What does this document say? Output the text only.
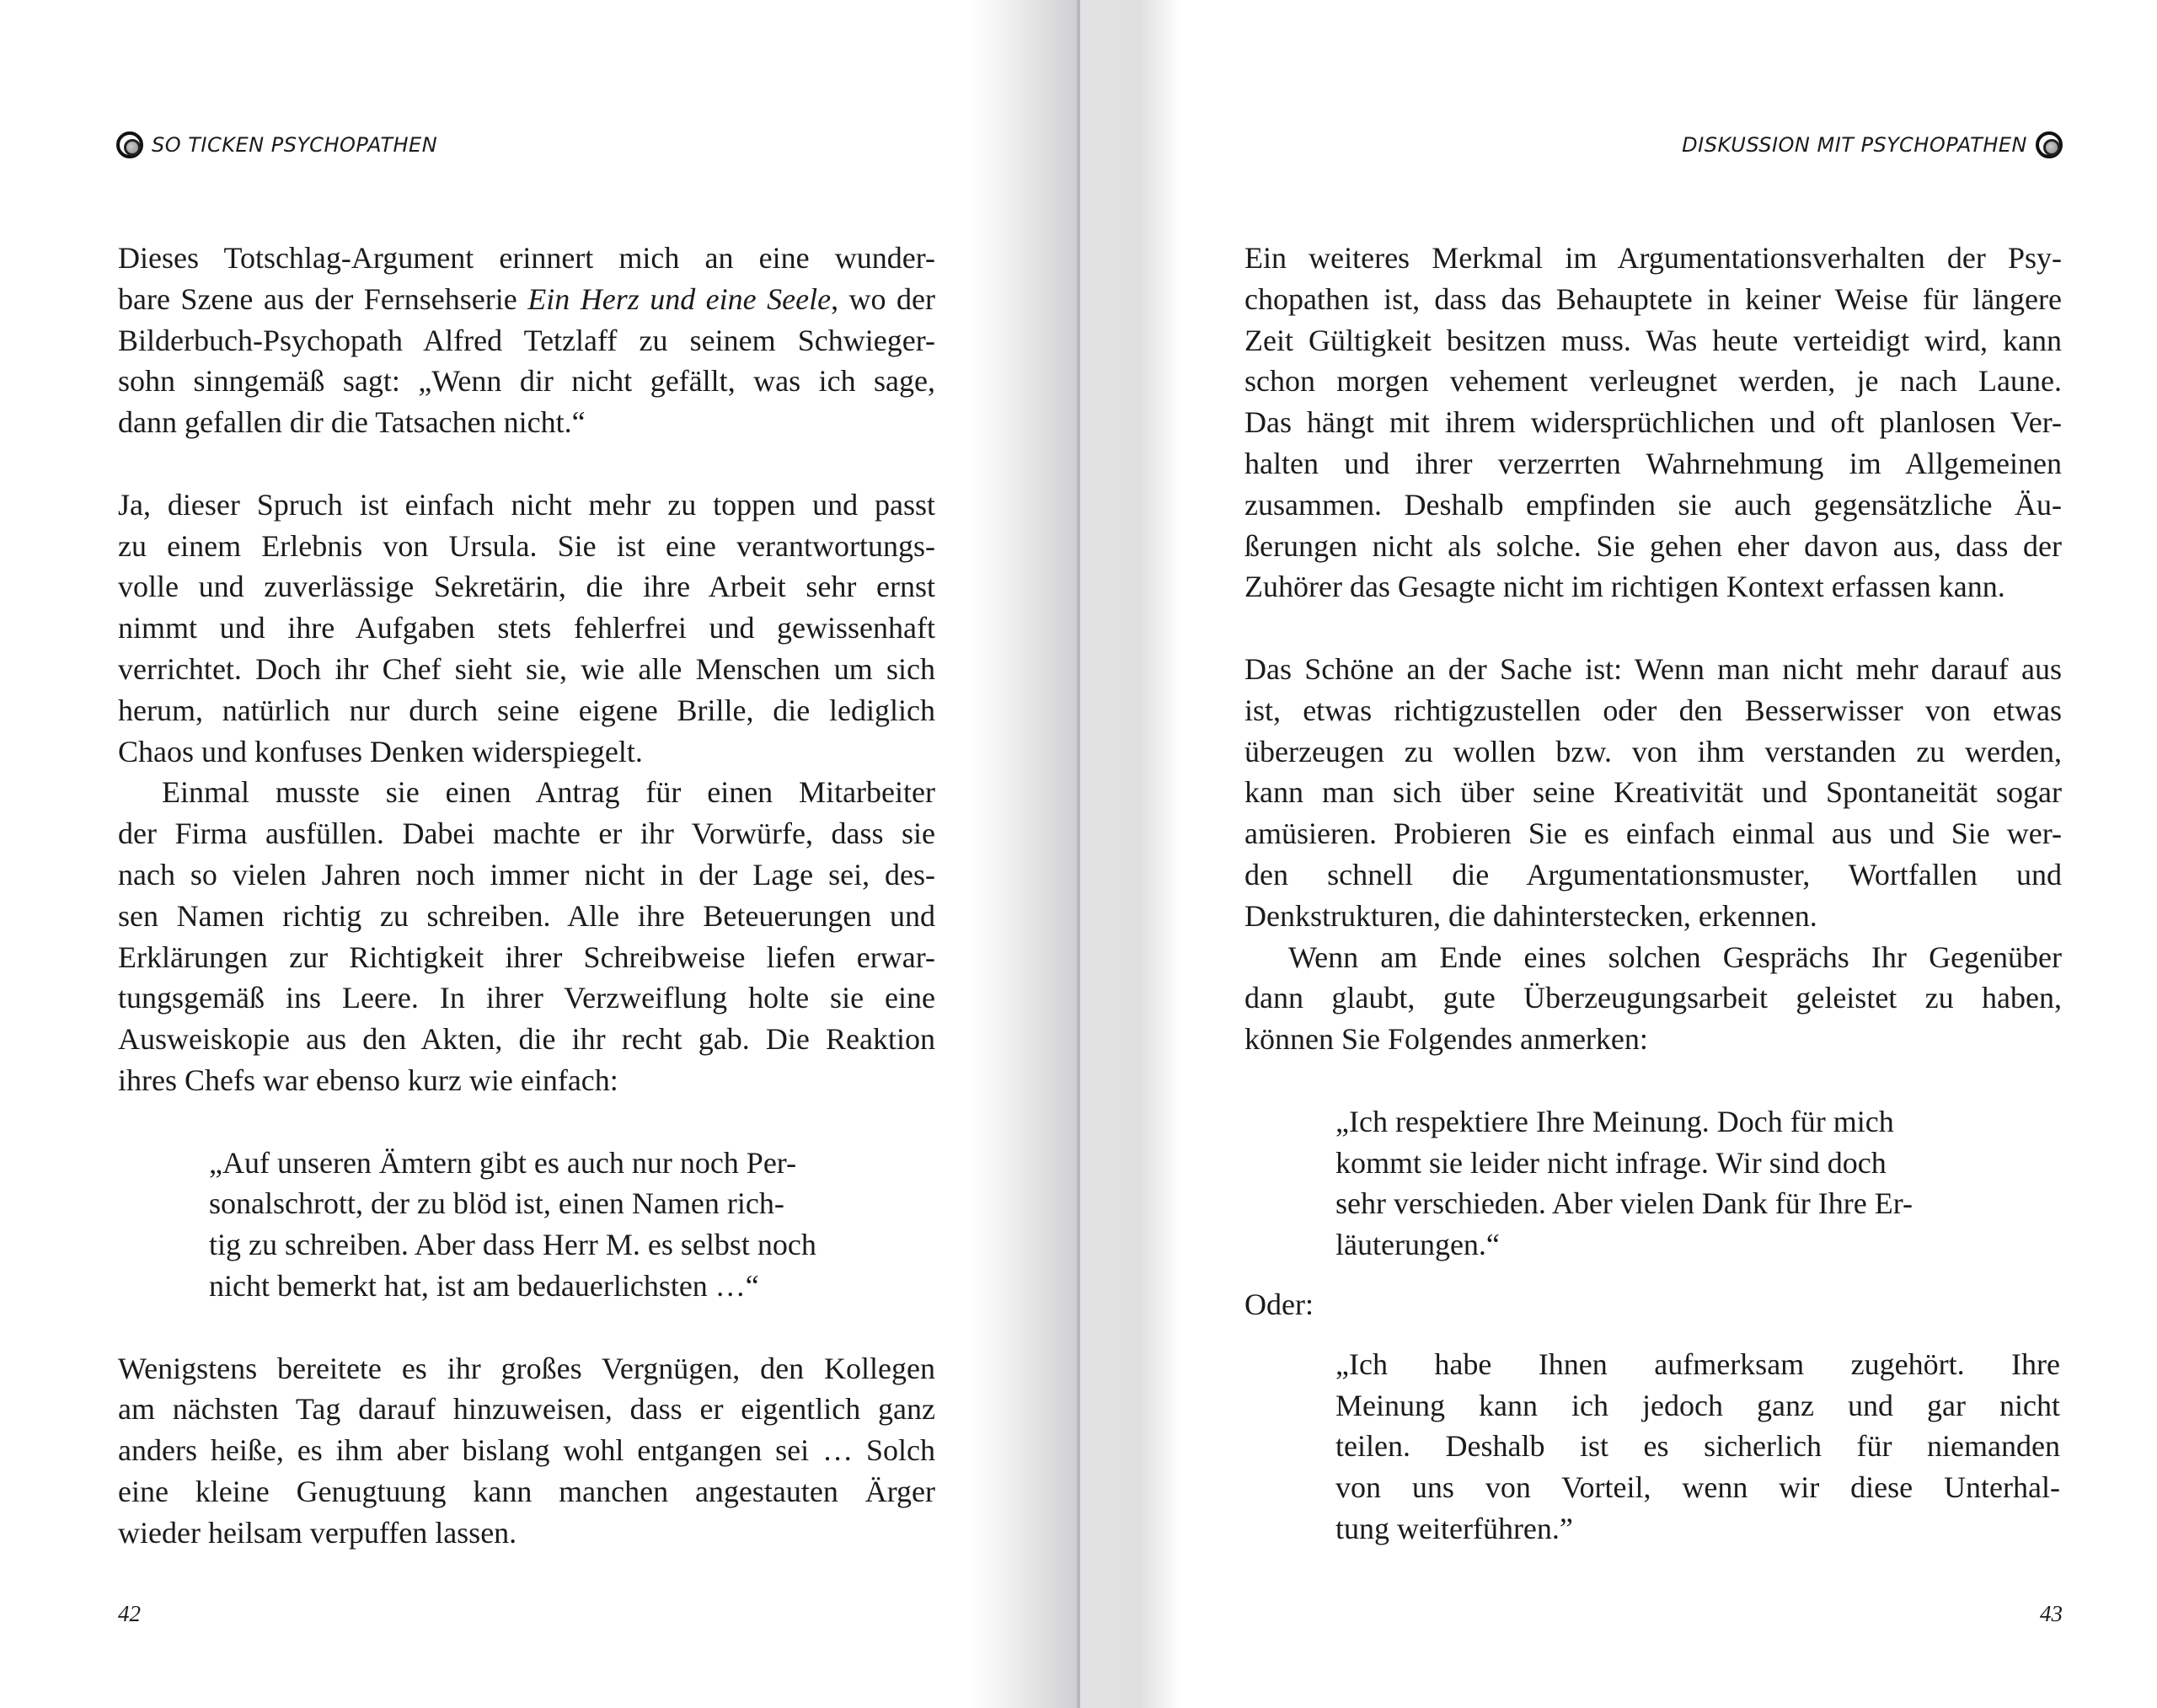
SO TICKEN PSYCHOPATHEN	DISKUSSION MIT PSYCHOPATHEN
Dieses Totschlag-Argument erinnert mich an eine wunder-
bare Szene aus der Fernsehserie Ein Herz und eine Seele, wo der
Bilderbuch-Psychopath Alfred Tetzlaff zu seinem Schwieger-
sohn sinngemäß sagt: „Wenn dir nicht gefällt, was ich sage,
dann gefallen dir die Tatsachen nicht.“
Ja, dieser Spruch ist einfach nicht mehr zu toppen und passt
zu einem Erlebnis von Ursula. Sie ist eine verantwortungs-
volle und zuverlässige Sekretärin, die ihre Arbeit sehr ernst
nimmt und ihre Aufgaben stets fehlerfrei und gewissenhaft
verrichtet. Doch ihr Chef sieht sie, wie alle Menschen um sich
herum, natürlich nur durch seine eigene Brille, die lediglich
Chaos und konfuses Denken widerspiegelt.
Einmal musste sie einen Antrag für einen Mitarbeiter
der Firma ausfüllen. Dabei machte er ihr Vorwürfe, dass sie
nach so vielen Jahren noch immer nicht in der Lage sei, des-
sen Namen richtig zu schreiben. Alle ihre Beteuerungen und
Erklärungen zur Richtigkeit ihrer Schreibweise liefen erwar-
tungsgemäß ins Leere. In ihrer Verzweiflung holte sie eine
Ausweiskopie aus den Akten, die ihr recht gab. Die Reaktion
ihres Chefs war ebenso kurz wie einfach:
„Auf unseren Ämtern gibt es auch nur noch Per-
sonalschrott, der zu blöd ist, einen Namen rich-
tig zu schreiben. Aber dass Herr M. es selbst noch
nicht bemerkt hat, ist am bedauerlichsten …“
Wenigstens bereitete es ihr großes Vergnügen, den Kollegen
am nächsten Tag darauf hinzuweisen, dass er eigentlich ganz
anders heiße, es ihm aber bislang wohl entgangen sei … Solch
eine kleine Genugtuung kann manchen angestauten Ärger
wieder heilsam verpuffen lassen.
Ein weiteres Merkmal im Argumentationsverhalten der Psy-
chopathen ist, dass das Behauptete in keiner Weise für längere
Zeit Gültigkeit besitzen muss. Was heute verteidigt wird, kann
schon morgen vehement verleugnet werden, je nach Laune.
Das hängt mit ihrem widersprüchlichen und oft planlosen Ver-
halten und ihrer verzerrten Wahrnehmung im Allgemeinen
zusammen. Deshalb empfinden sie auch gegensätzliche Äu-
ßerungen nicht als solche. Sie gehen eher davon aus, dass der
Zuhörer das Gesagte nicht im richtigen Kontext erfassen kann.
Das Schöne an der Sache ist: Wenn man nicht mehr darauf aus
ist, etwas richtigzustellen oder den Besserwisser von etwas
überzeugen zu wollen bzw. von ihm verstanden zu werden,
kann man sich über seine Kreativität und Spontaneität sogar
amüsieren. Probieren Sie es einfach einmal aus und Sie wer-
den schnell die Argumentationsmuster, Wortfallen und
Denkstrukturen, die dahinterstecken, erkennen.
Wenn am Ende eines solchen Gesprächs Ihr Gegenüber
dann glaubt, gute Überzeugungsarbeit geleistet zu haben,
können Sie Folgendes anmerken:
„Ich respektiere Ihre Meinung. Doch für mich
kommt sie leider nicht infrage. Wir sind doch
sehr verschieden. Aber vielen Dank für Ihre Er-
läuterungen.“
Oder:
„Ich habe Ihnen aufmerksam zugehört. Ihre
Meinung kann ich jedoch ganz und gar nicht
teilen. Deshalb ist es sicherlich für niemanden
von uns von Vorteil, wenn wir diese Unterhal-
tung weiterführen.”
42	43
